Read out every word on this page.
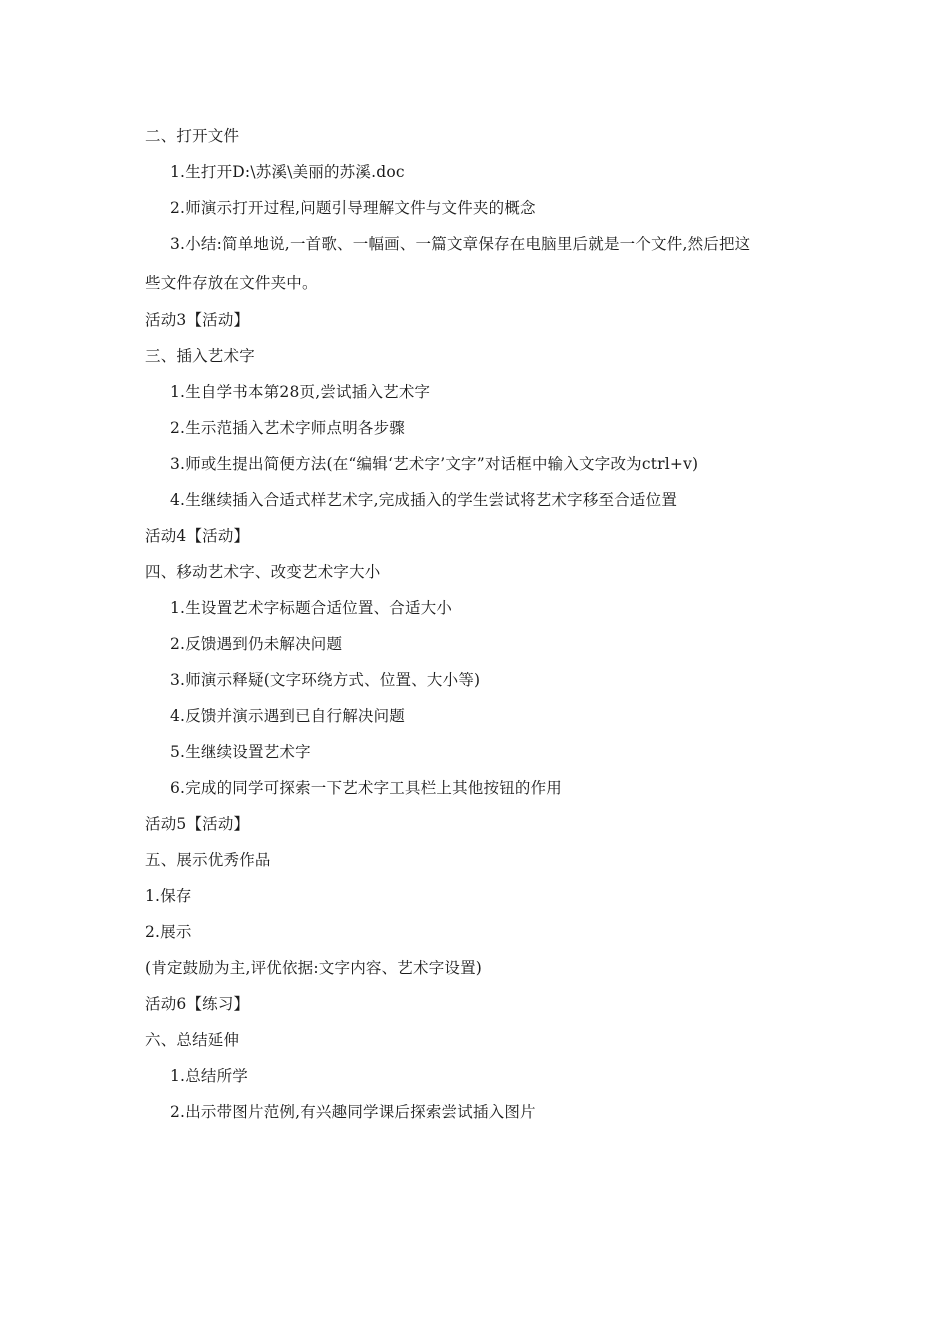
二、打开文件
1.生打开D:\苏溪\美丽的苏溪.doc
2.师演示打开过程,问题引导理解文件与文件夹的概念
3.小结:简单地说,一首歌、一幅画、一篇文章保存在电脑里后就是一个文件,然后把这
些文件存放在文件夹中。
活动3【活动】
三、插入艺术字
1.生自学书本第28页,尝试插入艺术字
2.生示范插入艺术字师点明各步骤
3.师或生提出简便方法(在“编辑‘艺术字’文字”对话框中输入文字改为ctrl+v)
4.生继续插入合适式样艺术字,完成插入的学生尝试将艺术字移至合适位置
活动4【活动】
四、移动艺术字、改变艺术字大小
1.生设置艺术字标题合适位置、合适大小
2.反馈遇到仍未解决问题
3.师演示释疑(文字环绕方式、位置、大小等)
4.反馈并演示遇到已自行解决问题
5.生继续设置艺术字
6.完成的同学可探索一下艺术字工具栏上其他按钮的作用
活动5【活动】
五、展示优秀作品
1.保存
2.展示
(肯定鼓励为主,评优依据:文字内容、艺术字设置)
活动6【练习】
六、总结延伸
1.总结所学
2.出示带图片范例,有兴趣同学课后探索尝试插入图片
